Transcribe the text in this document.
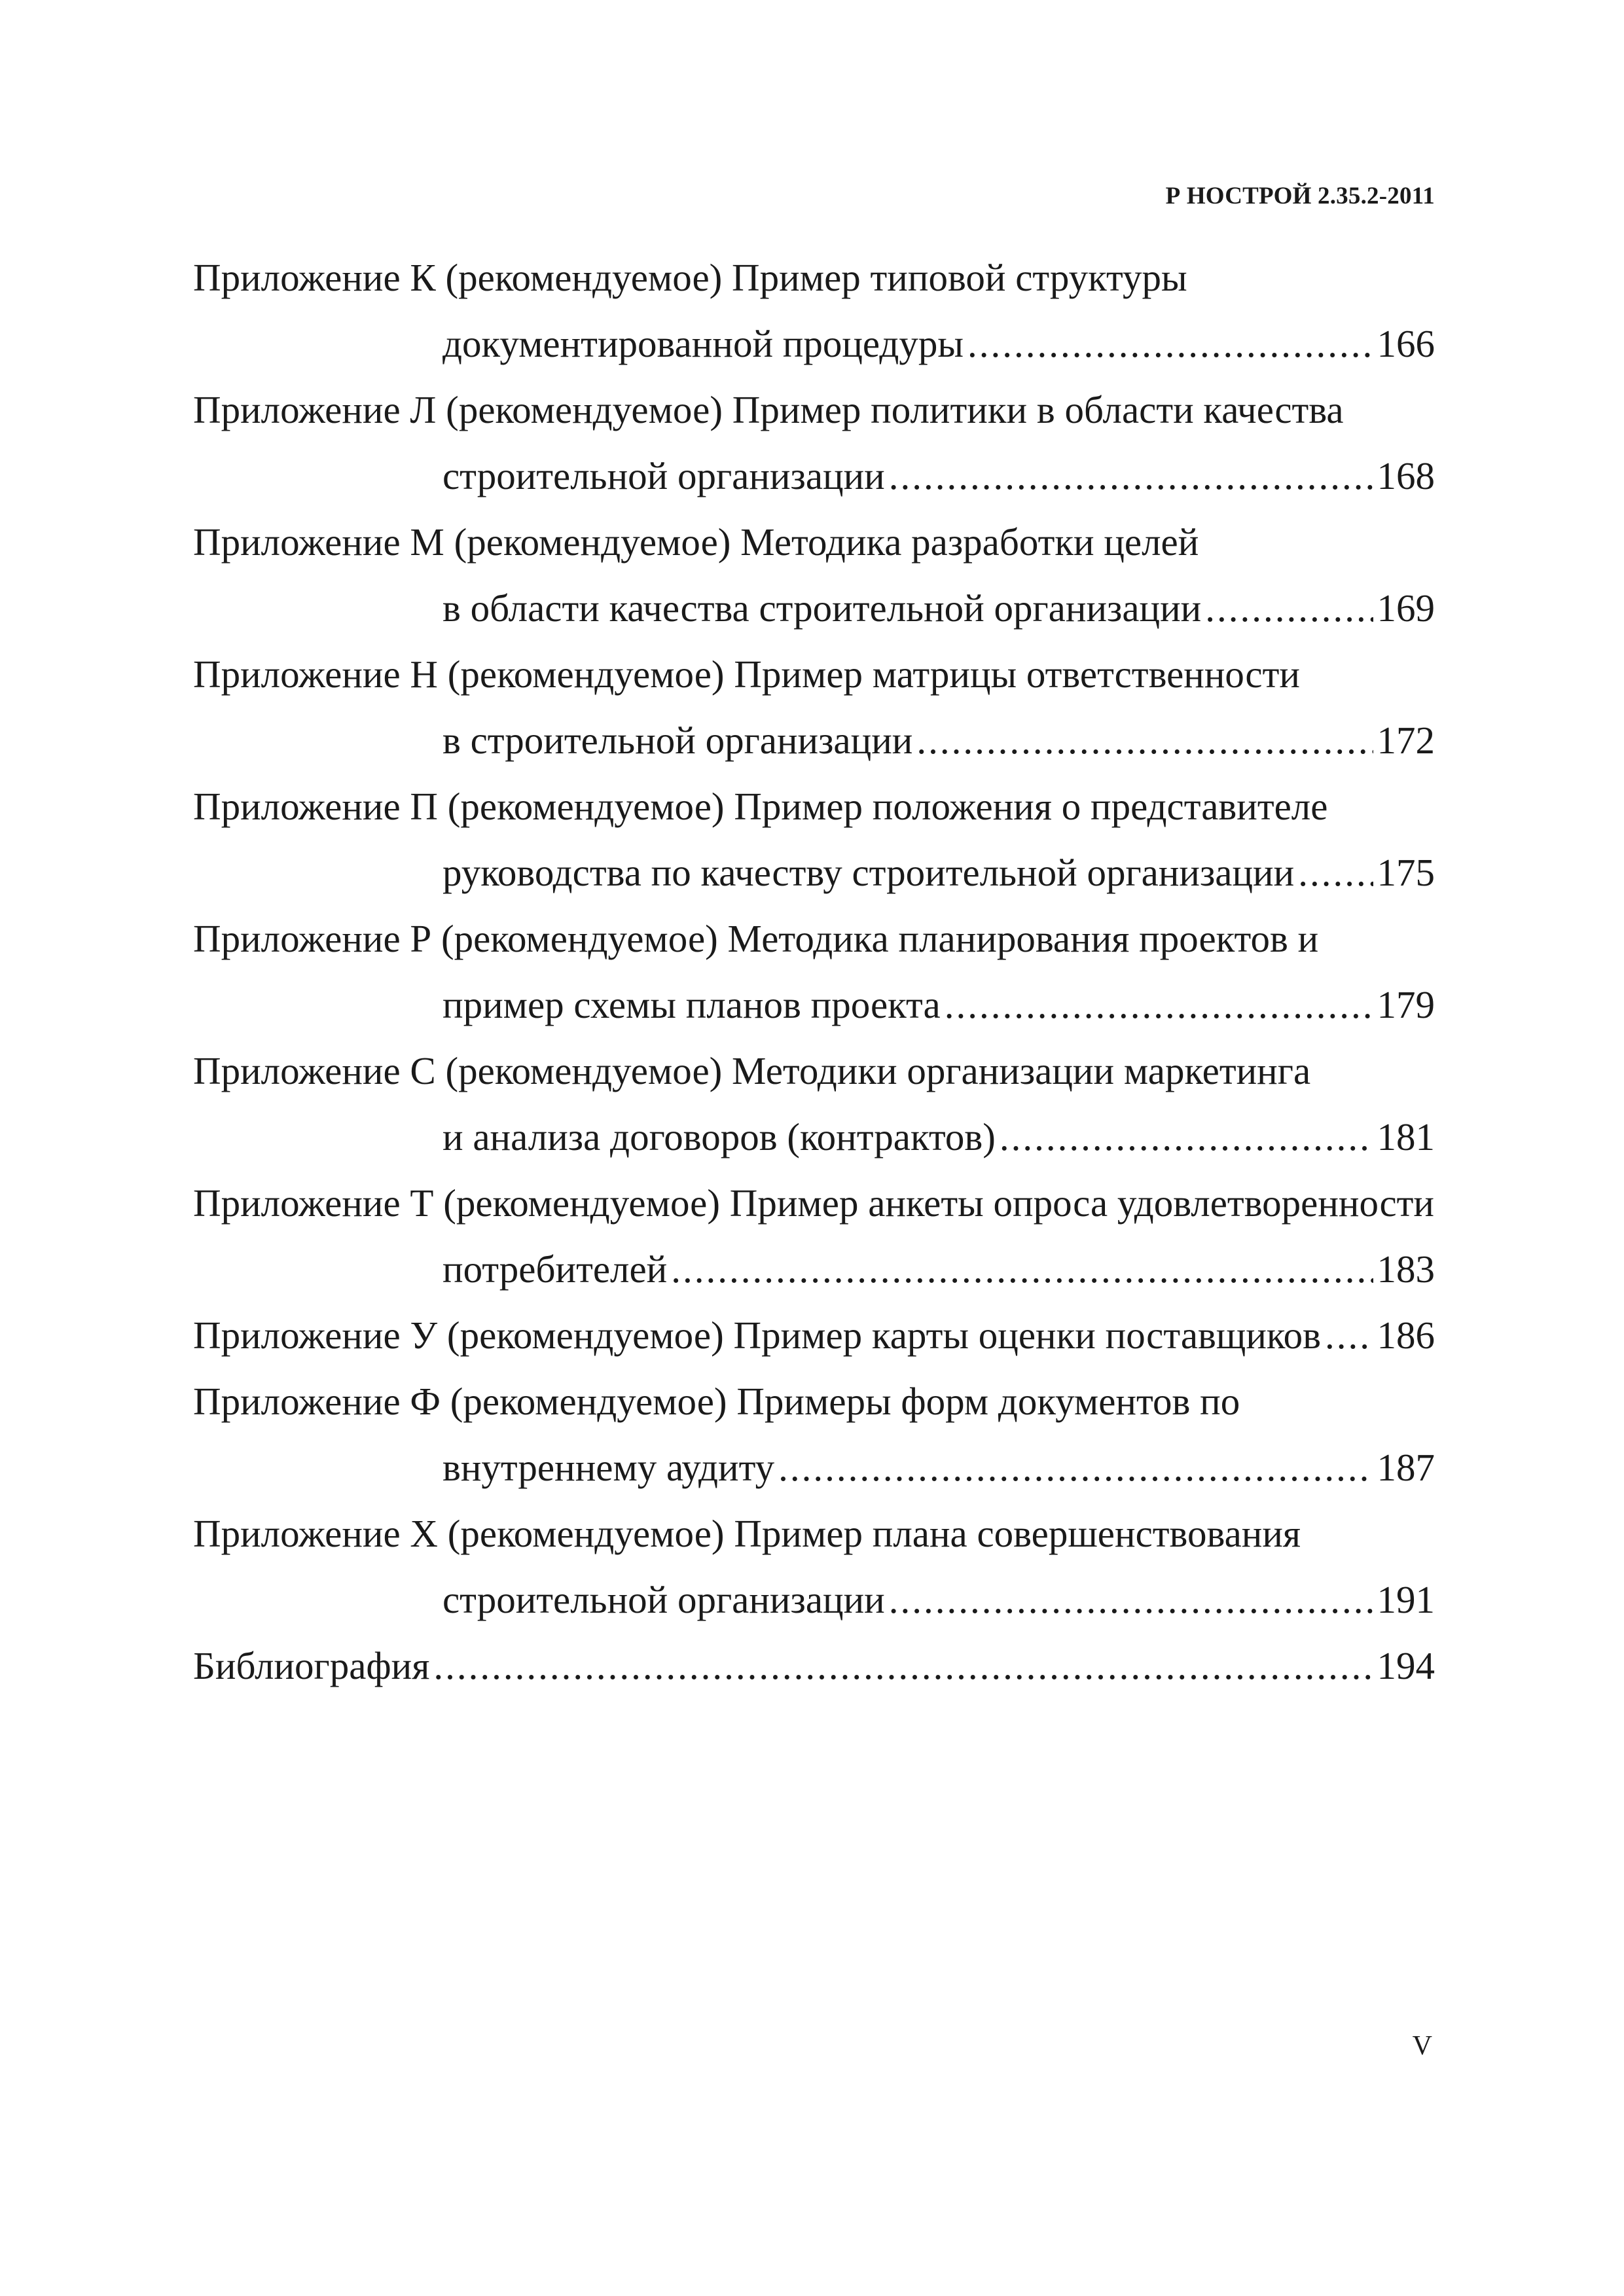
Р НОСТРОЙ 2.35.2-2011
Приложение К (рекомендуемое) Пример типовой структуры
документированной процедуры .....	166
Приложение Л (рекомендуемое) Пример политики в области качества
строительной организации .....	168
Приложение М (рекомендуемое) Методика разработки целей
в области качества строительной организации .....	169
Приложение Н (рекомендуемое) Пример матрицы ответственности
в строительной организации .....	172
Приложение П (рекомендуемое) Пример положения о представителе
руководства по качеству строительной организации ..... 175
Приложение Р (рекомендуемое) Методика планирования проектов и
пример схемы планов проекта .....	179
Приложение С (рекомендуемое) Методики организации маркетинга
и анализа договоров (контрактов) .....	181
Приложение Т (рекомендуемое) Пример анкеты опроса удовлетворенности
потребителей .....	183
Приложение У (рекомендуемое) Пример карты оценки поставщиков ..... 186
Приложение Ф (рекомендуемое) Примеры форм документов по
внутреннему аудиту .....	187
Приложение Х (рекомендуемое) Пример плана совершенствования
строительной организации .....	191
Библиография .....	194
V
